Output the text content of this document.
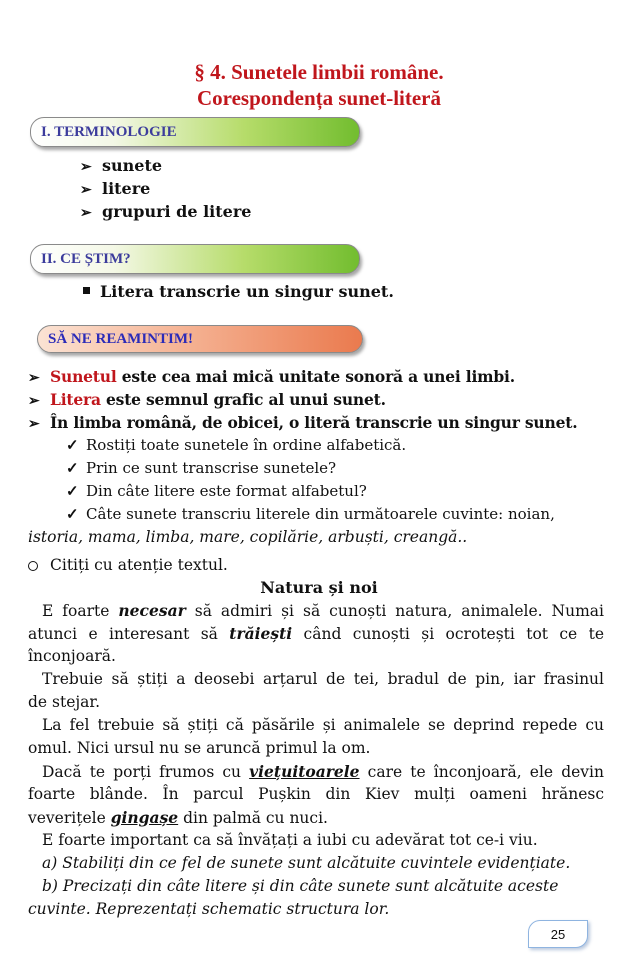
§ 4. Sunetele limbii române.
Corespondența sunet-literă
I. TERMINOLOGIE
➢ sunete
➢ litere
➢ grupuri de litere
II. CE ȘTIM?
Litera transcrie un singur sunet.
SĂ NE REAMINTIM!
➢ Sunetul este cea mai mică unitate sonoră a unei limbi.
➢ Litera este semnul grafic al unui sunet.
➢ În limba română, de obicei, o literă transcrie un singur sunet.
✓ Rostiți toate sunetele în ordine alfabetică.
✓ Prin ce sunt transcrise sunetele?
✓ Din câte litere este format alfabetul?
✓ Câte sunete transcriu literele din următoarele cuvinte: noian,
istoria, mama, limba, mare, copilărie, arbuști, creangă..
Citiți cu atenție textul.
Natura și noi
E foarte necesar să admiri și să cunoști natura, animalele. Numai
atunci e interesant să trăiești când cunoști și ocrotești tot ce te
înconjoară.
Trebuie să știți a deosebi arțarul de tei, bradul de pin, iar frasinul
de stejar.
La fel trebuie să știți că păsările și animalele se deprind repede cu
omul. Nici ursul nu se aruncă primul la om.
Dacă te porți frumos cu viețuitoarele care te înconjoară, ele devin
foarte blânde. În parcul Pușkin din Kiev mulți oameni hrănesc
veverițele gingașe din palmă cu nuci.
E foarte important ca să învățați a iubi cu adevărat tot ce-i viu.
a) Stabiliți din ce fel de sunete sunt alcătuite cuvintele evidențiate.
b) Precizați din câte litere și din câte sunete sunt alcătuite aceste
cuvinte. Reprezentați schematic structura lor.
25
